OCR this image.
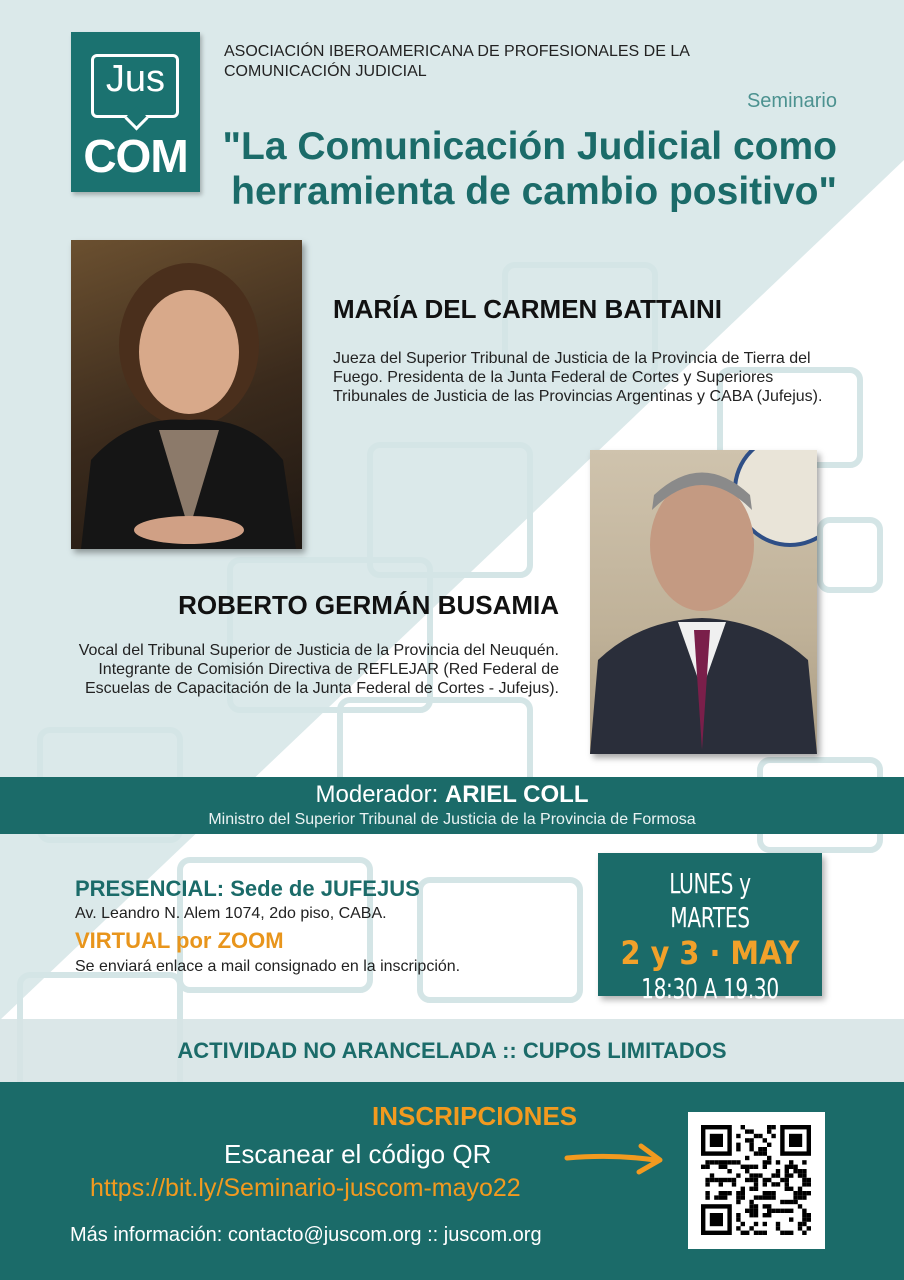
Jus
COM
ASOCIACIÓN IBEROAMERICANA DE PROFESIONALES DE LA COMUNICACIÓN JUDICIAL
Seminario
"La Comunicación Judicial como herramienta de cambio positivo"
MARÍA DEL CARMEN BATTAINI
Jueza del Superior Tribunal de Justicia de la Provincia de Tierra del Fuego. Presidenta de la Junta Federal de Cortes y Superiores Tribunales de Justicia de las Provincias Argentinas y CABA (Jufejus).
ROBERTO GERMÁN BUSAMIA
Vocal del Tribunal Superior de Justicia de la Provincia del Neuquén. Integrante de Comisión Directiva de REFLEJAR (Red Federal de Escuelas de Capacitación de la Junta Federal de Cortes - Jufejus).
Moderador: ARIEL COLL
Ministro del Superior Tribunal de Justicia de la Provincia de Formosa
PRESENCIAL: Sede de JUFEJUS
Av. Leandro N. Alem 1074, 2do piso, CABA.
VIRTUAL por ZOOM
Se enviará enlace a mail consignado en la inscripción.
LUNES y MARTES
2 y 3 · MAY
18:30 A 19.30
ACTIVIDAD NO ARANCELADA :: CUPOS LIMITADOS
INSCRIPCIONES
Escanear el código QR
https://bit.ly/Seminario-juscom-mayo22
Más información: contacto@juscom.org :: juscom.org
